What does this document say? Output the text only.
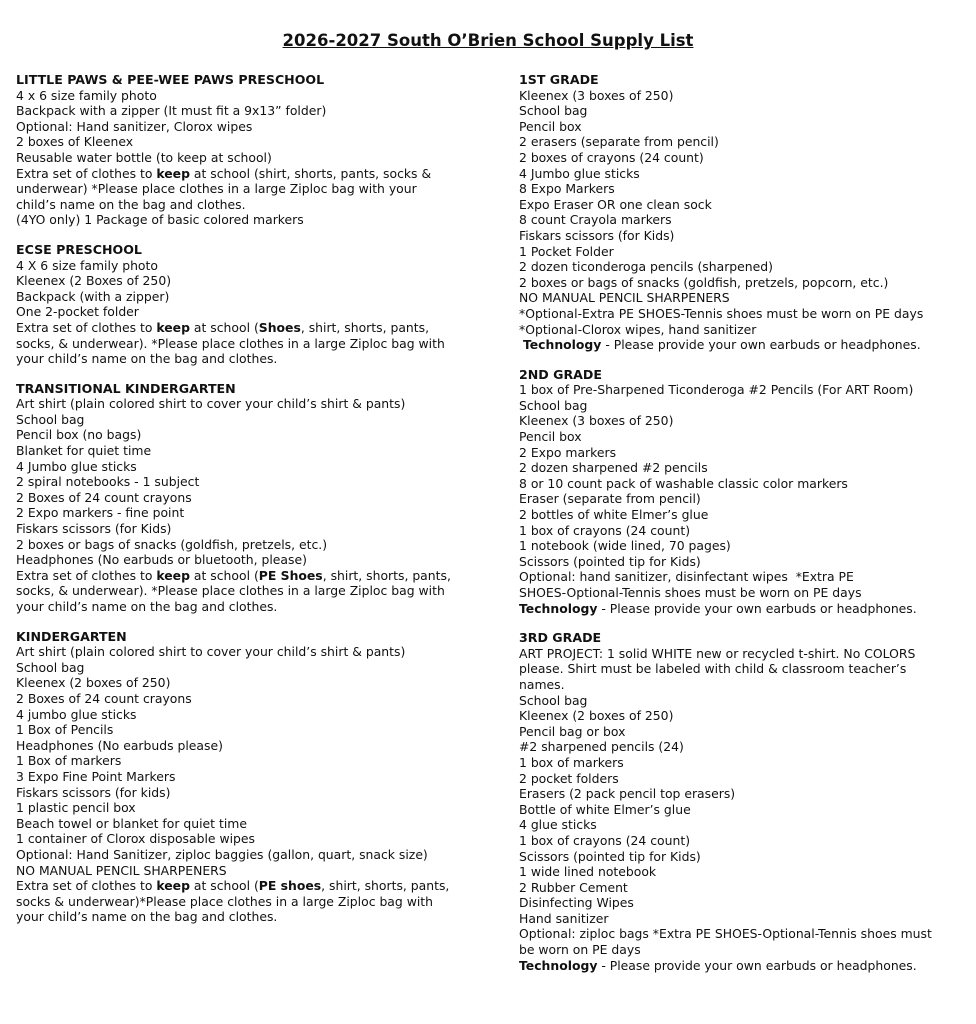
2026-2027 South O’Brien School Supply List
LITTLE PAWS & PEE-WEE PAWS PRESCHOOL
4 x 6 size family photo
Backpack with a zipper (It must fit a 9x13” folder)
Optional: Hand sanitizer, Clorox wipes
2 boxes of Kleenex
Reusable water bottle (to keep at school)
Extra set of clothes to keep at school (shirt, shorts, pants, socks &
underwear) *Please place clothes in a large Ziploc bag with your
child’s name on the bag and clothes.
(4YO only) 1 Package of basic colored markers
ECSE PRESCHOOL
4 X 6 size family photo
Kleenex (2 Boxes of 250)
Backpack (with a zipper)
One 2-pocket folder
Extra set of clothes to keep at school (Shoes, shirt, shorts, pants,
socks, & underwear). *Please place clothes in a large Ziploc bag with
your child’s name on the bag and clothes.
TRANSITIONAL KINDERGARTEN
Art shirt (plain colored shirt to cover your child’s shirt & pants)
School bag
Pencil box (no bags)
Blanket for quiet time
4 Jumbo glue sticks
2 spiral notebooks - 1 subject
2 Boxes of 24 count crayons
2 Expo markers - fine point
Fiskars scissors (for Kids)
2 boxes or bags of snacks (goldfish, pretzels, etc.)
Headphones (No earbuds or bluetooth, please)
Extra set of clothes to keep at school (PE Shoes, shirt, shorts, pants,
socks, & underwear). *Please place clothes in a large Ziploc bag with
your child’s name on the bag and clothes.
KINDERGARTEN
Art shirt (plain colored shirt to cover your child’s shirt & pants)
School bag
Kleenex (2 boxes of 250)
2 Boxes of 24 count crayons
4 jumbo glue sticks
1 Box of Pencils
Headphones (No earbuds please)
1 Box of markers
3 Expo Fine Point Markers
Fiskars scissors (for kids)
1 plastic pencil box
Beach towel or blanket for quiet time
1 container of Clorox disposable wipes
Optional: Hand Sanitizer, ziploc baggies (gallon, quart, snack size)
NO MANUAL PENCIL SHARPENERS
Extra set of clothes to keep at school (PE shoes, shirt, shorts, pants,
socks & underwear)*Please place clothes in a large Ziploc bag with
your child’s name on the bag and clothes.
1ST GRADE
Kleenex (3 boxes of 250)
School bag
Pencil box
2 erasers (separate from pencil)
2 boxes of crayons (24 count)
4 Jumbo glue sticks
8 Expo Markers
Expo Eraser OR one clean sock
8 count Crayola markers
Fiskars scissors (for Kids)
1 Pocket Folder
2 dozen ticonderoga pencils (sharpened)
2 boxes or bags of snacks (goldfish, pretzels, popcorn, etc.)
NO MANUAL PENCIL SHARPENERS
*Optional-Extra PE SHOES-Tennis shoes must be worn on PE days
*Optional-Clorox wipes, hand sanitizer
Technology - Please provide your own earbuds or headphones.
2ND GRADE
1 box of Pre-Sharpened Ticonderoga #2 Pencils (For ART Room)
School bag
Kleenex (3 boxes of 250)
Pencil box
2 Expo markers
2 dozen sharpened #2 pencils
8 or 10 count pack of washable classic color markers
Eraser (separate from pencil)
2 bottles of white Elmer’s glue
1 box of crayons (24 count)
1 notebook (wide lined, 70 pages)
Scissors (pointed tip for Kids)
Optional: hand sanitizer, disinfectant wipes  *Extra PE
SHOES-Optional-Tennis shoes must be worn on PE days
Technology - Please provide your own earbuds or headphones.
3RD GRADE
ART PROJECT: 1 solid WHITE new or recycled t-shirt. No COLORS
please. Shirt must be labeled with child & classroom teacher’s
names.
School bag
Kleenex (2 boxes of 250)
Pencil bag or box
#2 sharpened pencils (24)
1 box of markers
2 pocket folders
Erasers (2 pack pencil top erasers)
Bottle of white Elmer’s glue
4 glue sticks
1 box of crayons (24 count)
Scissors (pointed tip for Kids)
1 wide lined notebook
2 Rubber Cement
Disinfecting Wipes
Hand sanitizer
Optional: ziploc bags *Extra PE SHOES-Optional-Tennis shoes must
be worn on PE days
Technology - Please provide your own earbuds or headphones.
